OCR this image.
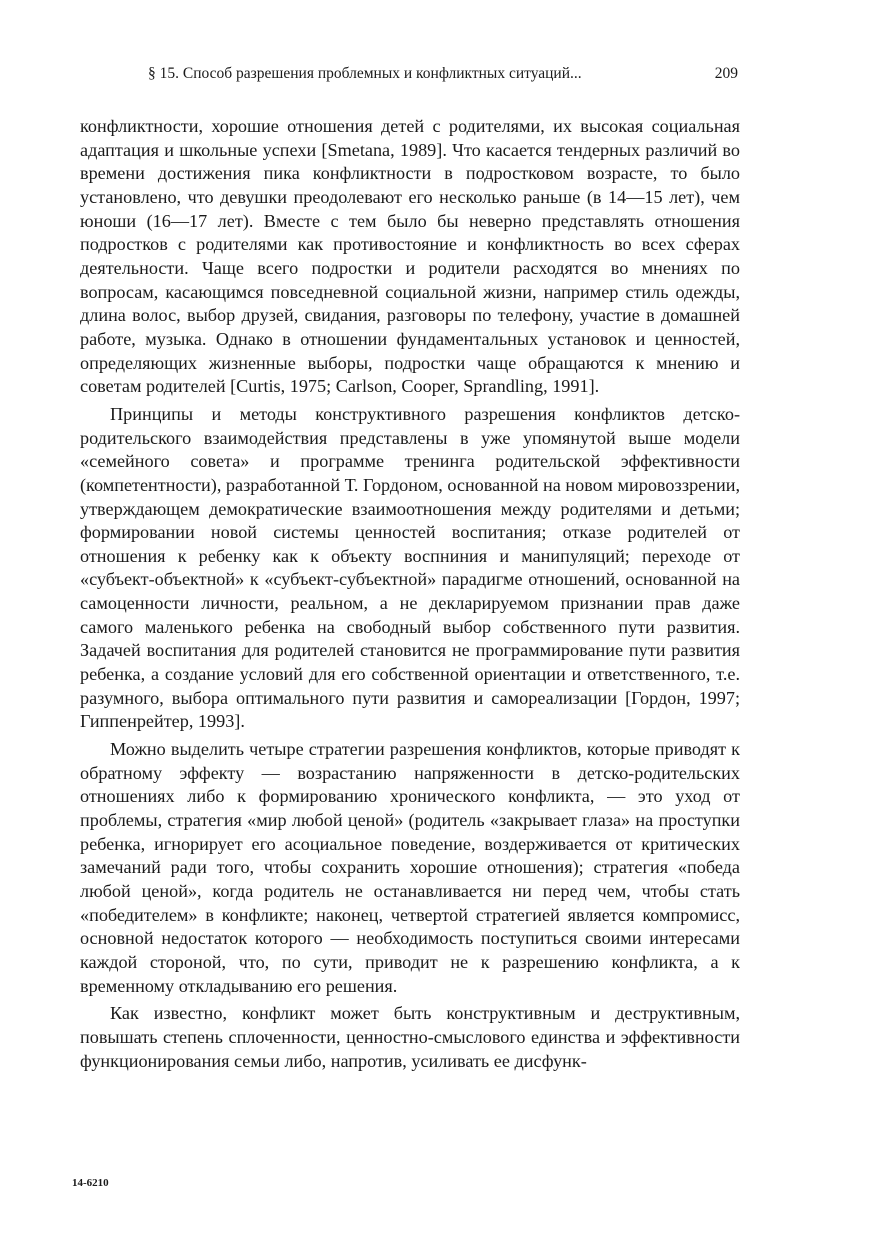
§ 15. Способ разрешения проблемных и конфликтных ситуаций...	209

конфликтности, хорошие отношения детей с родителями, их высокая социальная адаптация и школьные успехи [Smetana, 1989]. Что касается тендерных различий во времени достижения пика конфликтности в подростковом возрасте, то было установлено, что девушки преодолевают его несколько раньше (в 14—15 лет), чем юноши (16—17 лет). Вместе с тем было бы неверно представлять отношения подростков с родителями как противостояние и конфликтность во всех сферах деятельности. Чаще всего подростки и родители расходятся во мнениях по вопросам, касающимся повседневной социальной жизни, например стиль одежды, длина волос, выбор друзей, свидания, разговоры по телефону, участие в домашней работе, музыка. Однако в отношении фундаментальных установок и ценностей, определяющих жизненные выборы, подростки чаще обращаются к мнению и советам родителей [Curtis, 1975; Carlson, Cooper, Sprandling, 1991].

Принципы и методы конструктивного разрешения конфликтов детско-родительского взаимодействия представлены в уже упомянутой выше модели «семейного совета» и программе тренинга родительской эффективности (компетентности), разработанной Т. Гордоном, основанной на новом мировоззрении, утверждающем демократические взаимоотношения между родителями и детьми; формировании новой системы ценностей воспитания; отказе родителей от отношения к ребенку как к объекту воспниния и манипуляций; переходе от «субъект-объектной» к «субъект-субъектной» парадигме отношений, основанной на самоценности личности, реальном, а не декларируемом признании прав даже самого маленького ребенка на свободный выбор собственного пути развития. Задачей воспитания для родителей становится не программирование пути развития ребенка, а создание условий для его собственной ориентации и ответственного, т.е. разумного, выбора оптимального пути развития и самореализации [Гордон, 1997; Гиппенрейтер, 1993].

Можно выделить четыре стратегии разрешения конфликтов, которые приводят к обратному эффекту — возрастанию напряженности в детско-родительских отношениях либо к формированию хронического конфликта, — это уход от проблемы, стратегия «мир любой ценой» (родитель «закрывает глаза» на проступки ребенка, игнорирует его асоциальное поведение, воздерживается от критических замечаний ради того, чтобы сохранить хорошие отношения); стратегия «победа любой ценой», когда родитель не останавливается ни перед чем, чтобы стать «победителем» в конфликте; наконец, четвертой стратегией является компромисс, основной недостаток которого — необходимость поступиться своими интересами каждой стороной, что, по сути, приводит не к разрешению конфликта, а к временному откладыванию его решения.

Как известно, конфликт может быть конструктивным и деструктивным, повышать степень сплоченности, ценностно-смыслового единства и эффективности функционирования семьи либо, напротив, усиливать ее дисфунк-

14-6210
